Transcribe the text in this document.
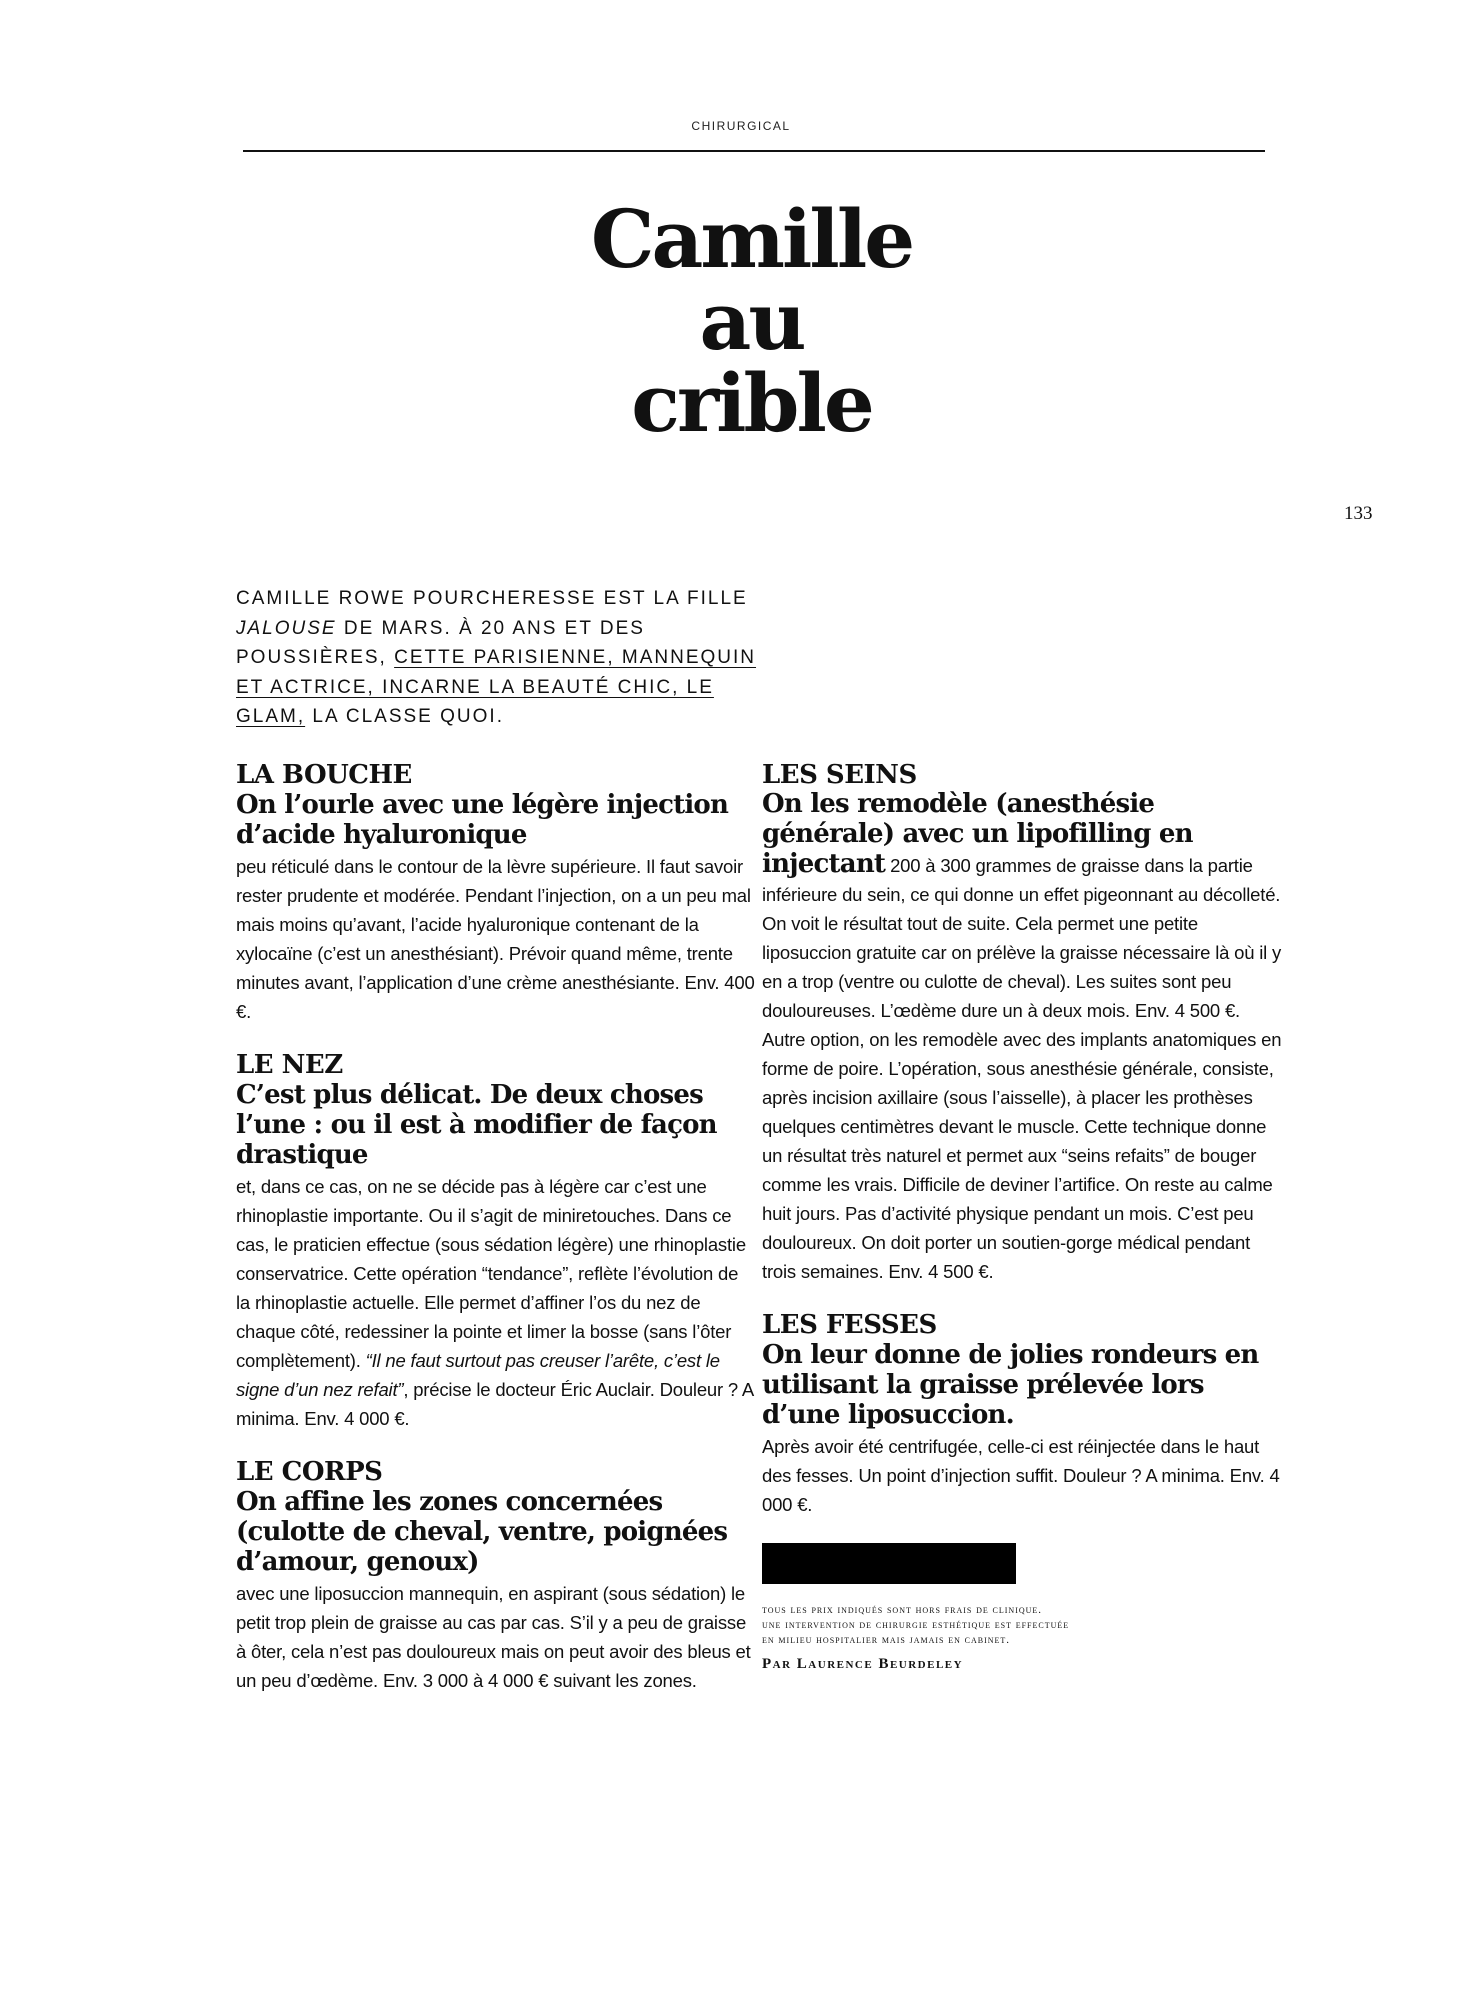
CHIRURGICAL
Camille
au
crible
133
CAMILLE ROWE POURCHERESSE EST LA FILLE JALOUSE DE MARS. À 20 ANS ET DES POUSSIÈRES, CETTE PARISIENNE, MANNEQUIN ET ACTRICE, INCARNE LA BEAUTÉ CHIC, LE GLAM, LA CLASSE QUOI.
LA BOUCHE
On l’ourle avec une légère injection d’acide hyaluronique

peu réticulé dans le contour de la lèvre supérieure. Il faut savoir rester prudente et modérée. Pendant l’injection, on a un peu mal mais moins qu’avant, l’acide hyaluronique contenant de la xylocaïne (c’est un anesthésiant). Prévoir quand même, trente minutes avant, l’application d’une crème anesthésiante. Env. 400 €.

LE NEZ
C’est plus délicat. De deux choses l’une : ou il est à modifier de façon drastique

et, dans ce cas, on ne se décide pas à légère car c’est une rhinoplastie importante. Ou il s’agit de miniretouches. Dans ce cas, le praticien effectue (sous sédation légère) une rhinoplastie conservatrice. Cette opération “tendance”, reflète l’évolution de la rhinoplastie actuelle. Elle permet d’affiner l’os du nez de chaque côté, redessiner la pointe et limer la bosse (sans l’ôter complètement). “Il ne faut surtout pas creuser l’arête, c’est le signe d’un nez refait”, précise le docteur Éric Auclair. Douleur ? A minima. Env. 4 000 €.

LE CORPS
On affine les zones concernées (culotte de cheval, ventre, poignées d’amour, genoux)

avec une liposuccion mannequin, en aspirant (sous sédation) le petit trop plein de graisse au cas par cas. S’il y a peu de graisse à ôter, cela n’est pas douloureux mais on peut avoir des bleus et un peu d’œdème. Env. 3 000 à 4 000 € suivant les zones.

LES SEINS

On les remodèle (anesthésie générale) avec un lipofilling en injectant 200 à 300 grammes de graisse dans la partie inférieure du sein, ce qui donne un effet pigeonnant au décolleté. On voit le résultat tout de suite. Cela permet une petite liposuccion gratuite car on prélève la graisse nécessaire là où il y en a trop (ventre ou culotte de cheval). Les suites sont peu douloureuses. L’œdème dure un à deux mois. Env. 4 500 €. Autre option, on les remodèle avec des implants anatomiques en forme de poire. L’opération, sous anesthésie générale, consiste, après incision axillaire (sous l’aisselle), à placer les prothèses quelques centimètres devant le muscle. Cette technique donne un résultat très naturel et permet aux “seins refaits” de bouger comme les vrais. Difficile de deviner l’artifice. On reste au calme huit jours. Pas d’activité physique pendant un mois. C’est peu douloureux. On doit porter un soutien-gorge médical pendant trois semaines. Env. 4 500 €.

LES FESSES
On leur donne de jolies rondeurs en utilisant la graisse prélevée lors d’une liposuccion.

Après avoir été centrifugée, celle-ci est réinjectée dans le haut des fesses. Un point d’injection suffit. Douleur ? A minima. Env. 4 000 €.

tous les prix indiqués sont hors frais de clinique.
une intervention de chirurgie esthétique est effectuée
en milieu hospitalier mais jamais en cabinet.
Par Laurence Beurdeley
